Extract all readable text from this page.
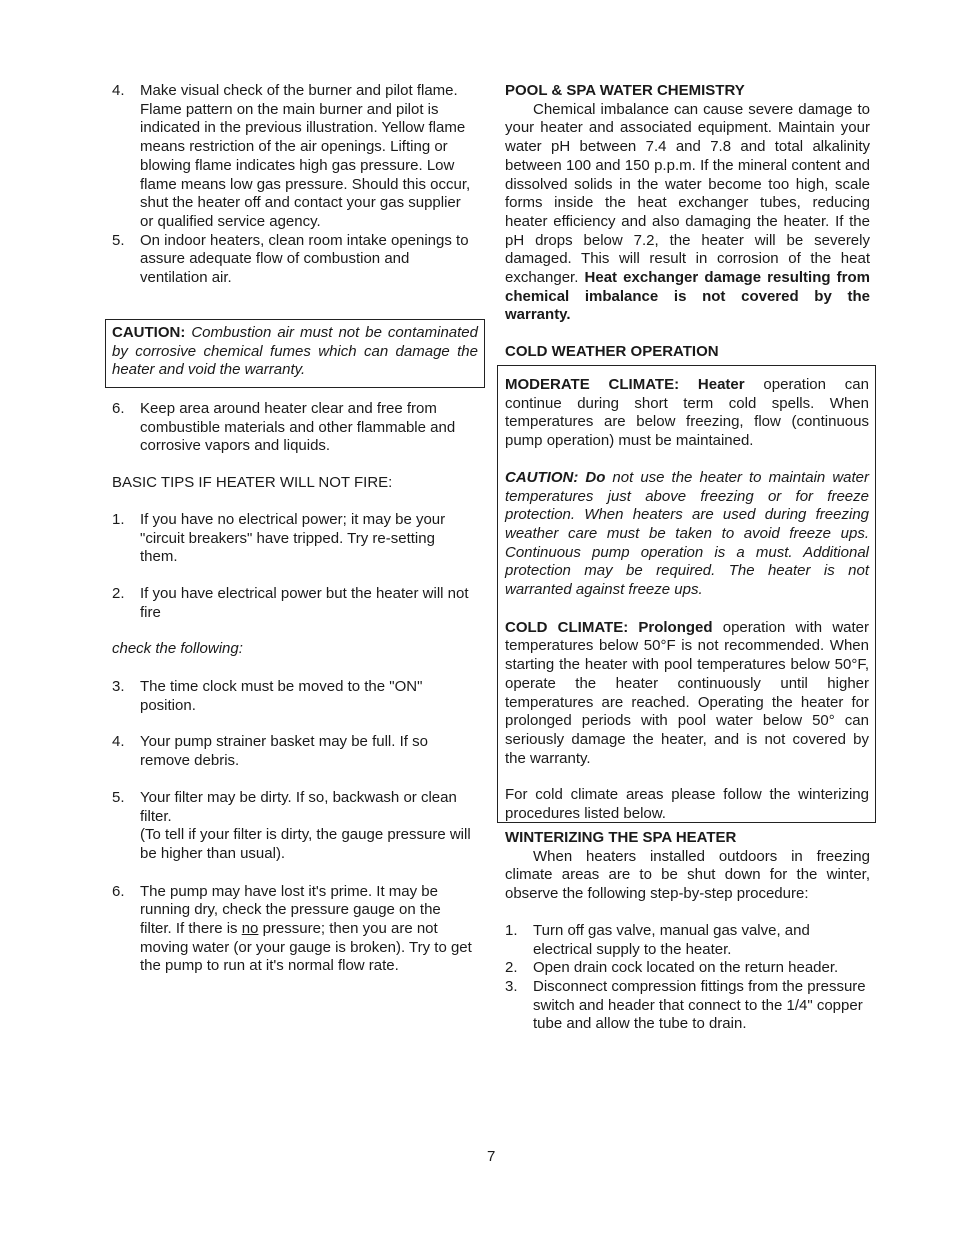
4.	Make visual check of the burner and pilot flame. Flame pattern on the main burner and pilot is indicated in the previous illustration. Yellow flame means restriction of the air openings. Lifting or blowing flame indicates high gas pressure. Low flame means low gas pressure. Should this occur, shut the heater off and contact your gas supplier or qualified service agency.
5.	On indoor heaters, clean room intake openings to assure adequate flow of combustion and ventilation air.
CAUTION: Combustion air must not be contaminated by corrosive chemical fumes which can damage the heater and void the warranty.
6.	Keep area around heater clear and free from combustible materials and other flammable and corrosive vapors and liquids.

BASIC TIPS IF HEATER WILL NOT FIRE:

1.	If you have no electrical power; it may be your "circuit breakers" have tripped. Try re-setting them.
2.	If you have electrical power but the heater will not fire

check the following:

3.	The time clock must be moved to the "ON" position.
4.	Your pump strainer basket may be full. If so remove debris.
5.	Your filter may be dirty. If so, backwash or clean filter.
(To tell if your filter is dirty, the gauge pressure will be higher than usual).
6.	The pump may have lost it's prime. It may be running dry, check the pressure gauge on the filter. If there is no pressure; then you are not moving water (or your gauge is broken). Try to get the pump to run at it's normal flow rate.

POOL & SPA WATER CHEMISTRY

Chemical imbalance can cause severe damage to your heater and associated equipment. Maintain your water pH between 7.4 and 7.8 and total alkalinity between 100 and 150 p.p.m. If the mineral content and dissolved solids in the water become too high, scale forms inside the heat exchanger tubes, reducing heater efficiency and also damaging the heater. If the pH drops below 7.2, the heater will be severely damaged. This will result in corrosion of the heat exchanger. Heat exchanger damage resulting from chemical imbalance is not covered by the warranty.

COLD WEATHER OPERATION

MODERATE CLIMATE: Heater operation can continue during short term cold spells. When temperatures are below freezing, flow (continuous pump operation) must be maintained.

CAUTION: Do not use the heater to maintain water temperatures just above freezing or for freeze protection. When heaters are used during freezing weather care must be taken to avoid freeze ups. Continuous pump operation is a must. Additional protection may be required. The heater is not warranted against freeze ups.

COLD CLIMATE: Prolonged operation with water temperatures below 50°F is not recommended. When starting the heater with pool temperatures below 50°F, operate the heater continuously until higher temperatures are reached. Operating the heater for prolonged periods with pool water below 50° can seriously damage the heater, and is not covered by the warranty.

For cold climate areas please follow the winterizing procedures listed below.

WINTERIZING THE SPA HEATER

When heaters installed outdoors in freezing climate areas are to be shut down for the winter, observe the following step-by-step procedure:

1.	Turn off gas valve, manual gas valve, and electrical supply to the heater.
2.	Open drain cock located on the return header.
3.	Disconnect compression fittings from the pressure switch and header that connect to the 1/4" copper tube and allow the tube to drain.
7
